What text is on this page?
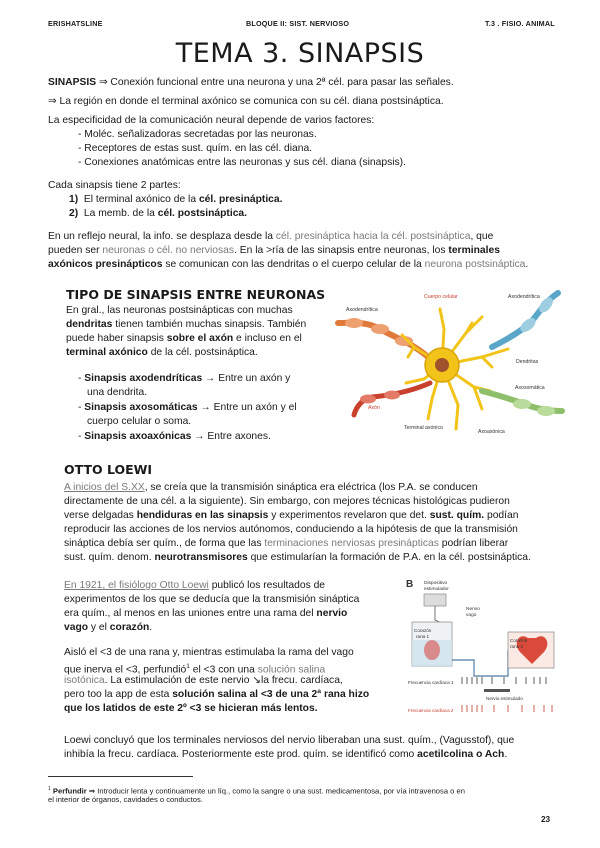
ERISHATSLINE	BLOQUE II: SIST. NERVIOSO	T.3 . FISIO. ANIMAL
TEMA 3. SINAPSIS
SINAPSIS ⇒ Conexión funcional entre una neurona y una 2ª cél. para pasar las señales.
⇒ La región en donde el terminal axónico se comunica con su cél. diana postsináptica.
La especificidad de la comunicación neural depende de varios factores:
- Moléc. señalizadoras secretadas por las neuronas.
- Receptores de estas sust. quím. en las cél. diana.
- Conexiones anatómicas entre las neuronas y sus cél. diana (sinapsis).
Cada sinapsis tiene 2 partes:
1) El terminal axónico de la cél. presináptica.
2) La memb. de la cél. postsináptica.
En un reflejo neural, la info. se desplaza desde la cél. presináptica hacia la cél. postsináptica, que
pueden ser neuronas o cél. no nerviosas. En la >ría de las sinapsis entre neuronas, los terminales
axónicos presinápticos se comunican con las dendritas o el cuerpo celular de la neurona postsináptica.
TIPO DE SINAPSIS ENTRE NEURONAS
En gral., las neuronas postsinápticas con muchas
dendritas tienen también muchas sinapsis. También
puede haber sinapsis sobre el axón e incluso en el
terminal axónico de la cél. postsináptica.
- Sinapsis axodendríticas → Entre un axón y
una dendrita.
- Sinapsis axosomáticas → Entre un axón y el
cuerpo celular o soma.
- Sinapsis axoaxónicas → Entre axones.
Axodendrítica
Axodendrítica
Cuerpo celular
Dendritas
Axosomática
Axón
Axoaxónica
Terminal axónico
OTTO LOEWI
A inicios del S.XX, se creía que la transmisión sináptica era eléctrica (los P.A. se conducen
directamente de una cél. a la siguiente). Sin embargo, con mejores técnicas histológicas pudieron
verse delgadas hendiduras en las sinapsis y experimentos revelaron que det. sust. quím. podían
reproducir las acciones de los nervios autónomos, conduciendo a la hipótesis de que la transmisión
sináptica debía ser quím., de forma que las terminaciones nerviosas presinápticas podrían liberar
sust. quím. denom. neurotransmisores que estimularían la formación de P.A. en la cél. postsináptica.
En 1921, el fisiólogo Otto Loewi publicó los resultados de
experimentos de los que se deducía que la transmisión sináptica
era quím., al menos en las uniones entre una rama del nervio
vago y el corazón.
Aisló el <3 de una rana y, mientras estimulaba la rama del vago
que inerva el <3, perfundió$^1$ el <3 con una solución salina
isotónica. La estimulación de este nervio ↘la frecu. cardíaca,
pero too la app de esta solución salina al <3 de una 2ª rana hizo
que los latidos de este 2º <3 se hicieran más lentos.
B Dispositivo
estimulador
Nervio
vago
Corazón
rana 1
Corazón
rana 2
Frecuencia cardíaca 1
Nervio estimulado
Frecuencia cardíaca 2
Loewi concluyó que los terminales nerviosos del nervio liberaban una sust. quím., (Vagusstof), que
inhibía la frecu. cardíaca. Posteriormente este prod. quím. se identificó como acetilcolina o Ach.
$^1$ Perfundir ⇒ Introducir lenta y continuamente un líq., como la sangre o una sust. medicamentosa, por vía intravenosa o en
el interior de órganos, cavidades o conductos.
23
